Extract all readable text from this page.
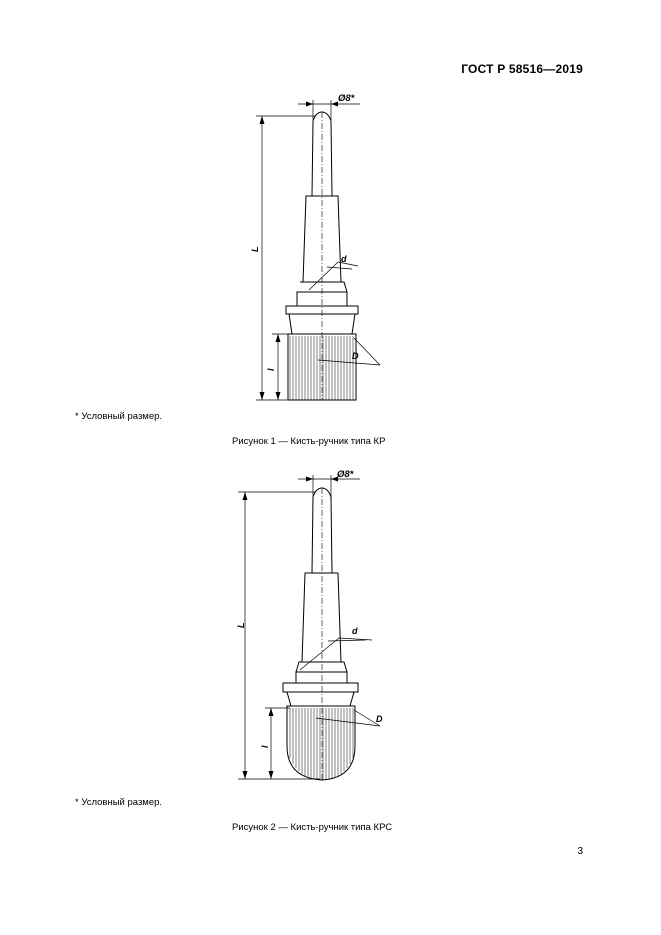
ГОСТ Р 58516—2019
Ø8*
L
d
D
l
* Условный размер.
Рисунок 1 — Кисть-ручник типа КР
Ø8*
L
d
D
l
* Условный размер.
Рисунок 2 — Кисть-ручник типа КРС
3
